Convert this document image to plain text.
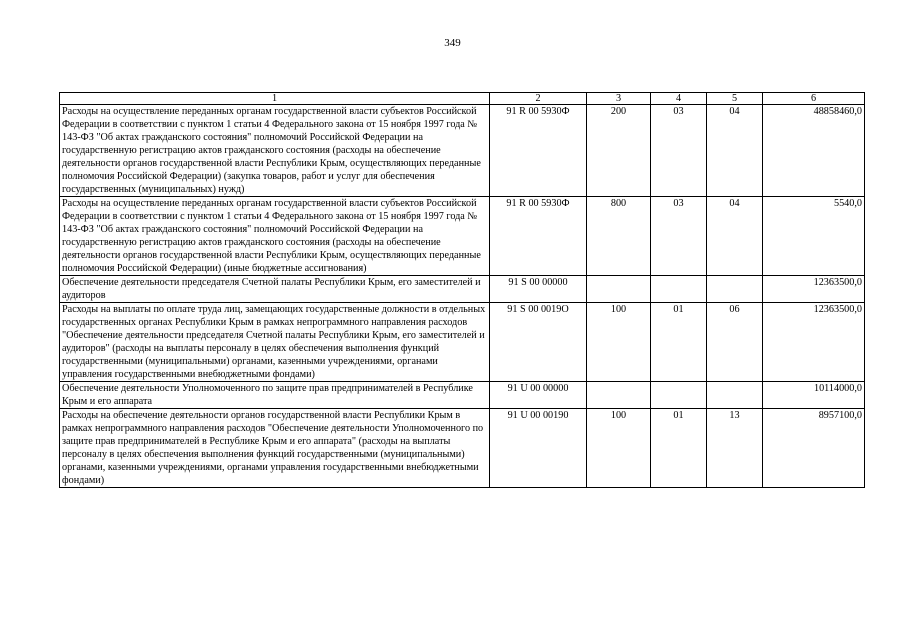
349
1	2	3	4	5	6
Расходы на осуществление переданных органам государственной власти субъектов Российской Федерации в соответствии с пунктом 1 статьи 4 Федерального закона от 15 ноября 1997 года № 143-ФЗ "Об актах гражданского состояния" полномочий Российской Федерации на государственную регистрацию актов гражданского состояния (расходы на обеспечение деятельности органов государственной власти Республики Крым, осуществляющих переданные полномочия Российской Федерации) (закупка товаров, работ и услуг для обеспечения государственных (муниципальных) нужд)	91 R 00 5930Ф	200	03	04	48858460,0
Расходы на осуществление переданных органам государственной власти субъектов Российской Федерации в соответствии с пунктом 1 статьи 4 Федерального закона от 15 ноября 1997 года № 143-ФЗ "Об актах гражданского состояния" полномочий Российской Федерации на государственную регистрацию актов гражданского состояния (расходы на обеспечение деятельности органов государственной власти Республики Крым, осуществляющих переданные полномочия Российской Федерации) (иные бюджетные ассигнования)	91 R 00 5930Ф	800	03	04	5540,0
Обеспечение деятельности председателя Счетной палаты Республики Крым, его заместителей и аудиторов	91 S 00 00000				12363500,0
Расходы на выплаты по оплате труда лиц, замещающих государственные должности в отдельных государственных органах Республики Крым в рамках непрограммного направления расходов "Обеспечение деятельности председателя Счетной палаты Республики Крым, его заместителей и аудиторов" (расходы на выплаты персоналу в целях обеспечения выполнения функций государственными (муниципальными) органами, казенными учреждениями, органами управления государственными внебюджетными фондами)	91 S 00 0019О	100	01	06	12363500,0
Обеспечение деятельности Уполномоченного по защите прав предпринимателей в Республике Крым и его аппарата	91 U 00 00000				10114000,0
Расходы на обеспечение деятельности органов государственной власти Республики Крым в рамках непрограммного направления расходов "Обеспечение деятельности Уполномоченного по защите прав предпринимателей в Республике Крым и его аппарата" (расходы на выплаты персоналу в целях обеспечения выполнения функций государственными (муниципальными) органами, казенными учреждениями, органами управления государственными внебюджетными фондами)	91 U 00 00190	100	01	13	8957100,0
